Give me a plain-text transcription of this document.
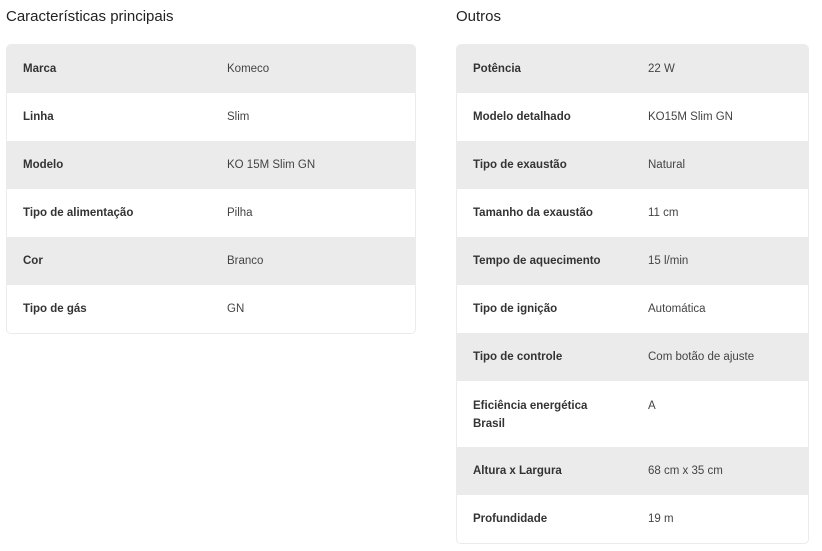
Características principais
Marca	Komeco
Linha	Slim
Modelo	KO 15M Slim GN
Tipo de alimentação	Pilha
Cor	Branco
Tipo de gás	GN
Outros
Potência	22 W
Modelo detalhado	KO15M Slim GN
Tipo de exaustão	Natural
Tamanho da exaustão	11 cm
Tempo de aquecimento	15 l/min
Tipo de ignição	Automática
Tipo de controle	Com botão de ajuste
Eficiência energética Brasil	A
Altura x Largura	68 cm x 35 cm
Profundidade	19 m
